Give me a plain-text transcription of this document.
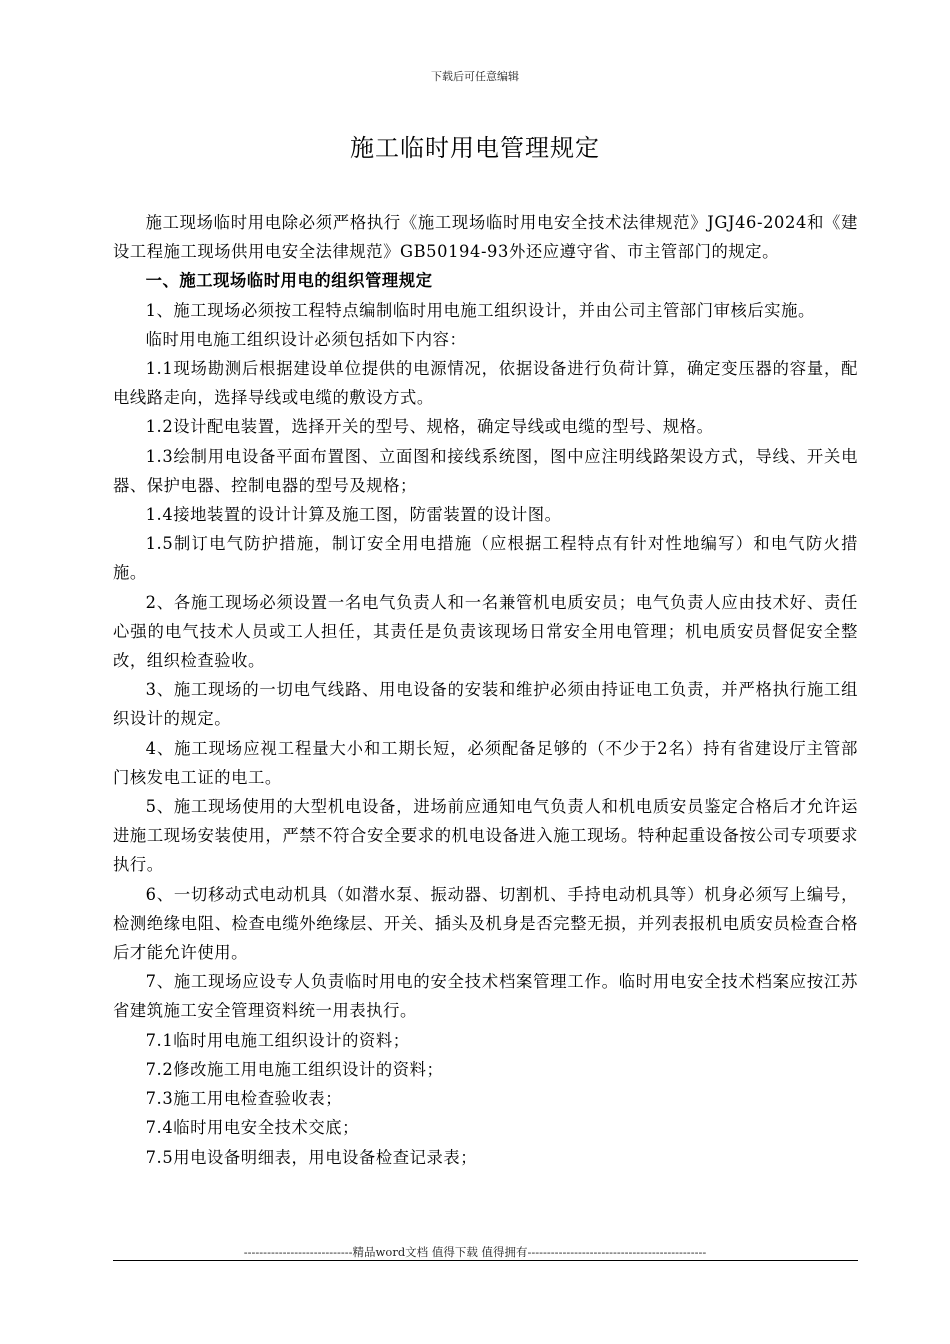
下载后可任意编辑
施工临时用电管理规定

施工现场临时用电除必须严格执行《施工现场临时用电安全技术法律规范》JGJ46-2024和《建设工程施工现场供用电安全法律规范》GB50194-93外还应遵守省、市主管部门的规定。

一、施工现场临时用电的组织管理规定

1、施工现场必须按工程特点编制临时用电施工组织设计，并由公司主管部门审核后实施。

临时用电施工组织设计必须包括如下内容：

1.1现场勘测后根据建设单位提供的电源情况，依据设备进行负荷计算，确定变压器的容量，配电线路走向，选择导线或电缆的敷设方式。

1.2设计配电装置，选择开关的型号、规格，确定导线或电缆的型号、规格。

1.3绘制用电设备平面布置图、立面图和接线系统图，图中应注明线路架设方式，导线、开关电器、保护电器、控制电器的型号及规格；

1.4接地装置的设计计算及施工图，防雷装置的设计图。

1.5制订电气防护措施，制订安全用电措施（应根据工程特点有针对性地编写）和电气防火措施。

2、各施工现场必须设置一名电气负责人和一名兼管机电质安员；电气负责人应由技术好、责任心强的电气技术人员或工人担任，其责任是负责该现场日常安全用电管理；机电质安员督促安全整改，组织检查验收。

3、施工现场的一切电气线路、用电设备的安装和维护必须由持证电工负责，并严格执行施工组织设计的规定。

4、施工现场应视工程量大小和工期长短，必须配备足够的（不少于2名）持有省建设厅主管部门核发电工证的电工。

5、施工现场使用的大型机电设备，进场前应通知电气负责人和机电质安员鉴定合格后才允许运进施工现场安装使用，严禁不符合安全要求的机电设备进入施工现场。特种起重设备按公司专项要求执行。

6、一切移动式电动机具（如潜水泵、振动器、切割机、手持电动机具等）机身必须写上编号，检测绝缘电阻、检查电缆外绝缘层、开关、插头及机身是否完整无损，并列表报机电质安员检查合格后才能允许使用。

7、施工现场应设专人负责临时用电的安全技术档案管理工作。临时用电安全技术档案应按江苏省建筑施工安全管理资料统一用表执行。

7.1临时用电施工组织设计的资料；

7.2修改施工用电施工组织设计的资料；

7.3施工用电检查验收表；

7.4临时用电安全技术交底；

7.5用电设备明细表，用电设备检查记录表；

----------------------------精品word文档 值得下载 值得拥有----------------------------------------------
